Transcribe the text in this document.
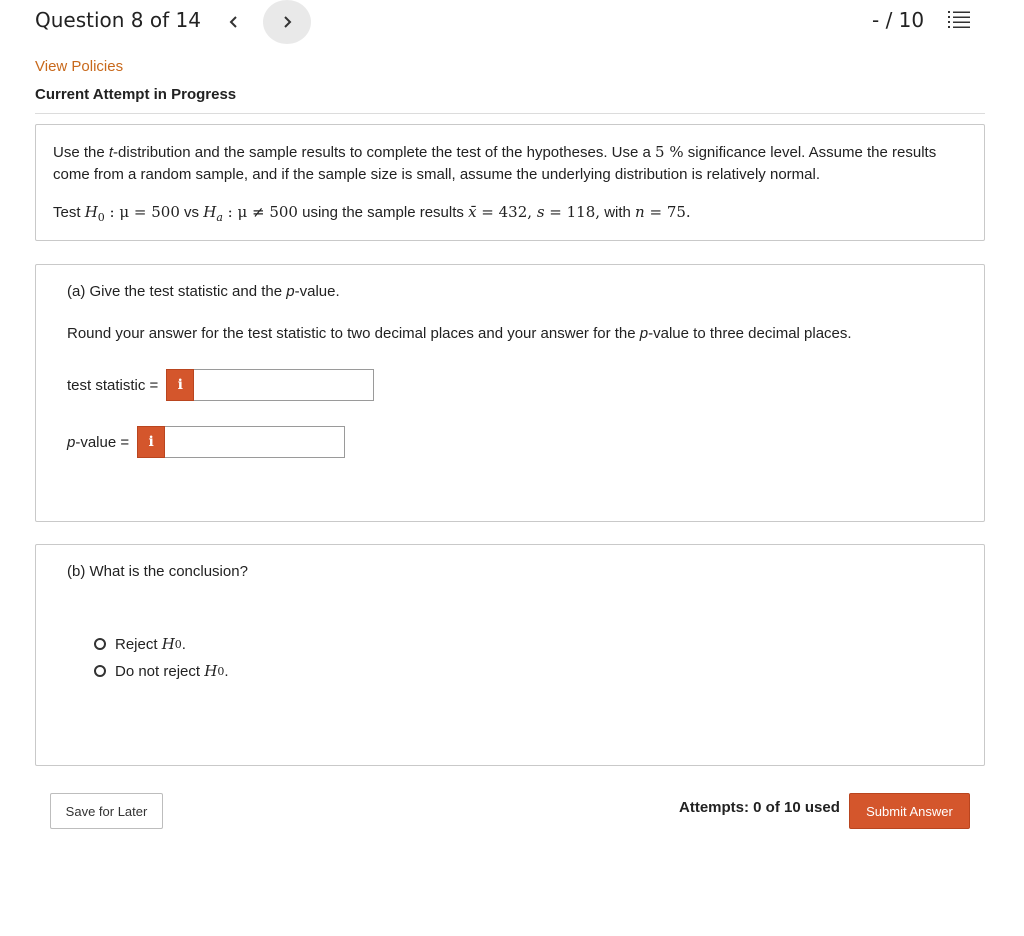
Question 8 of 14	- / 10
View Policies
Current Attempt in Progress
Use the t-distribution and the sample results to complete the test of the hypotheses. Use a 5 % significance level. Assume the results come from a random sample, and if the sample size is small, assume the underlying distribution is relatively normal.
Test $H_0$ : μ = 500 vs $H_a$ : μ ≠ 500 using the sample results x̄ = 432, s = 118, with n = 75.
(a) Give the test statistic and the p-value.
Round your answer for the test statistic to two decimal places and your answer for the p-value to three decimal places.
test statistic =	i
p-value =	i
(b) What is the conclusion?
Reject
H 0 .
Do not reject
H 0 .
Save for Later	Attempts: 0 of 10 used	Submit Answer
